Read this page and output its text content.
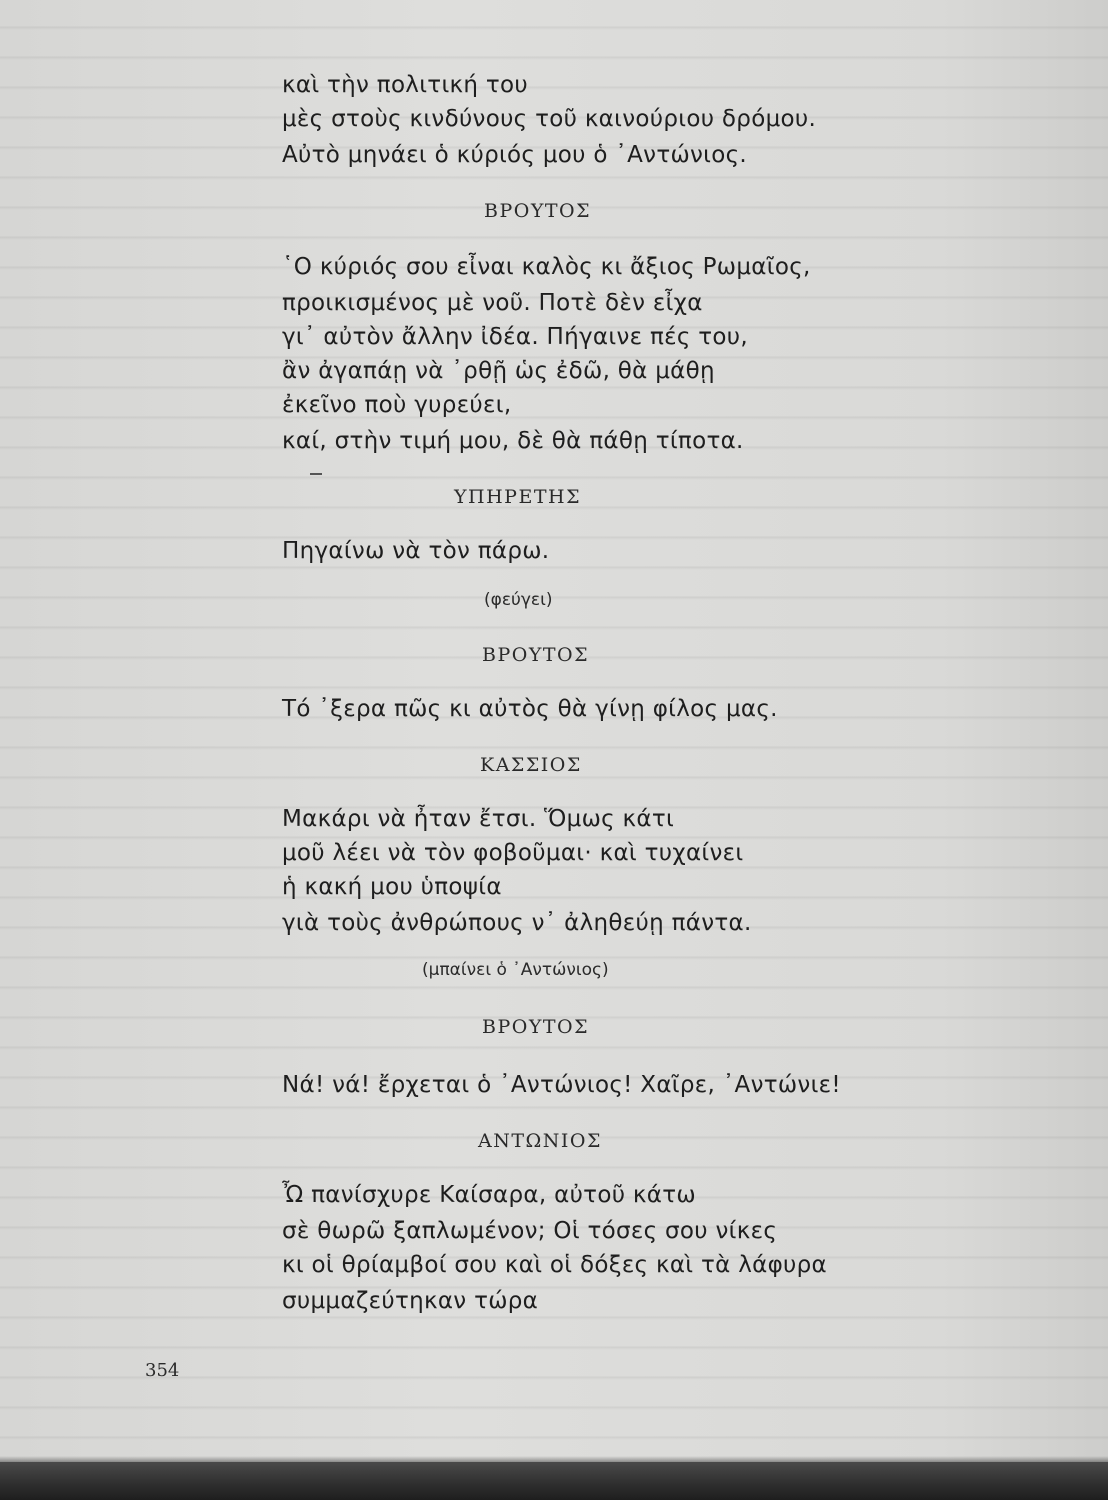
καὶ τὴν πολιτική του
μὲς στοὺς κινδύνους τοῦ καινούριου δρόμου.
Αὐτὸ μηνάει ὁ κύριός μου ὁ ᾿Αντώνιος.
ΒΡΟΥΤΟΣ
῾Ο κύριός σου εἶναι καλὸς κι ἄξιος Ρωμαῖος,
προικισμένος μὲ νοῦ. Ποτὲ δὲν εἶχα
γι᾿ αὐτὸν ἄλλην ἰδέα. Πήγαινε πές του,
ἂν ἀγαπάῃ νὰ ᾿ρθῇ ὡς ἐδῶ, θὰ μάθῃ
ἐκεῖνο ποὺ γυρεύει,
καί, στὴν τιμή μου, δὲ θὰ πάθῃ τίποτα.
ΥΠΗΡΕΤΗΣ
Πηγαίνω νὰ τὸν πάρω.
(φεύγει)
ΒΡΟΥΤΟΣ
Τό ᾿ξερα πῶς κι αὐτὸς θὰ γίνῃ φίλος μας.
ΚΑΣΣΙΟΣ
Μακάρι νὰ ἦταν ἔτσι. Ὅμως κάτι
μοῦ λέει νὰ τὸν φοβοῦμαι· καὶ τυχαίνει
ἡ κακή μου ὑποψία
γιὰ τοὺς ἀνθρώπους ν᾿ ἀληθεύῃ πάντα.
(μπαίνει ὁ ᾿Αντώνιος)
ΒΡΟΥΤΟΣ
Νά! νά! ἔρχεται ὁ ᾿Αντώνιος! Χαῖρε, ᾿Αντώνιε!
ΑΝΤΩΝΙΟΣ
Ὦ πανίσχυρε Καίσαρα, αὐτοῦ κάτω
σὲ θωρῶ ξαπλωμένον; Οἱ τόσες σου νίκες
κι οἱ θρίαμβοί σου καὶ οἱ δόξες καὶ τὰ λάφυρα
συμμαζεύτηκαν τώρα
354
